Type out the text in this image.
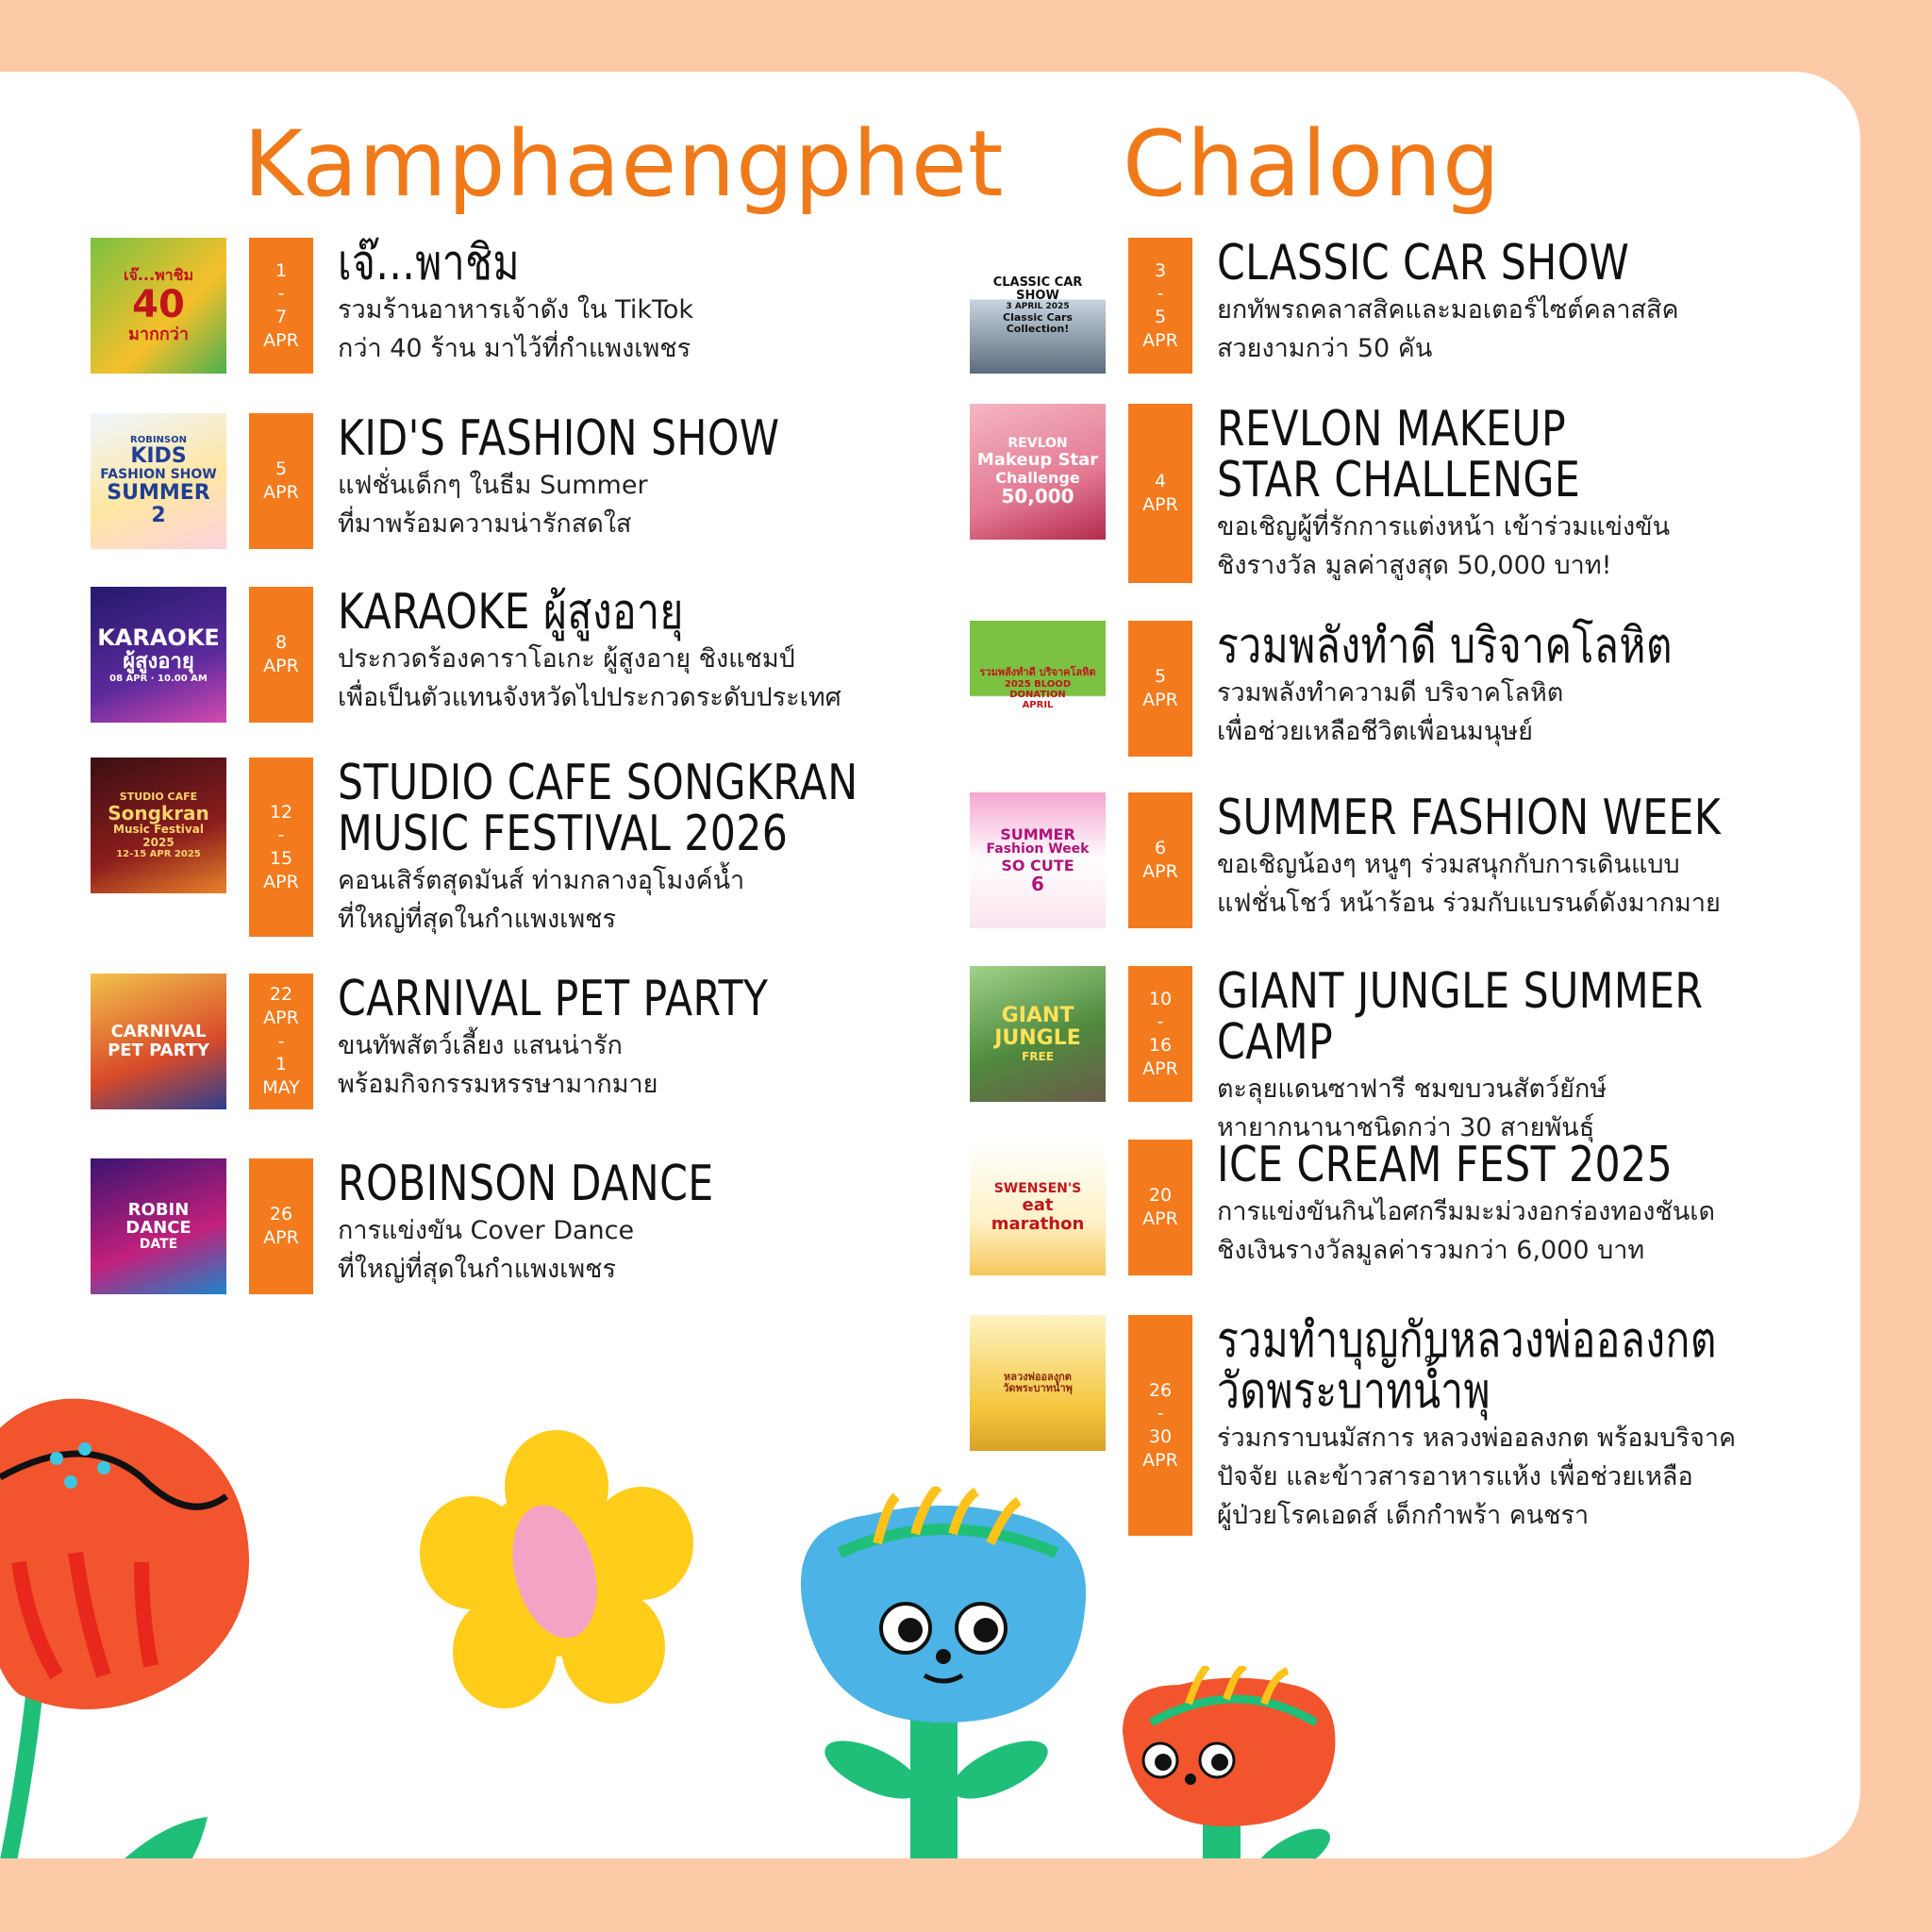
Kamphaengphet
เจ๊...พาชิม
40
มากกว่า
1
-
7
APR
เจ๊...พาชิม
รวมร้านอาหารเจ้าดัง ใน TikTok
กว่า 40 ร้าน มาไว้ที่กำแพงเพชร
ROBINSON
KIDS
FASHION SHOW
SUMMER 2
5
APR
KID'S FASHION SHOW
แฟชั่นเด็กๆ ในธีม Summer
ที่มาพร้อมความน่ารักสดใส
KARAOKE
ผู้สูงอายุ
08 APR · 10.00 AM
8
APR
KARAOKE ผู้สูงอายุ
ประกวดร้องคาราโอเกะ ผู้สูงอายุ ชิงแชมป์
เพื่อเป็นตัวแทนจังหวัดไปประกวดระดับประเทศ
STUDIO CAFE
Songkran
Music Festival 2025
12-15 APR 2025
12
-
15
APR
STUDIO CAFE SONGKRAN
MUSIC FESTIVAL 2026
คอนเสิร์ตสุดมันส์ ท่ามกลางอุโมงค์น้ำ
ที่ใหญ่ที่สุดในกำแพงเพชร
CARNIVAL
PET PARTY
22
APR
-
1
MAY
CARNIVAL PET PARTY
ขนทัพสัตว์เลี้ยง แสนน่ารัก
พร้อมกิจกรรมหรรษามากมาย
ROBIN DANCE
DATE
26
APR
ROBINSON DANCE
การแข่งขัน Cover Dance
ที่ใหญ่ที่สุดในกำแพงเพชร
Chalong
CLASSIC CAR SHOW
3 APRIL 2025
Classic Cars Collection!
3
-
5
APR
CLASSIC CAR SHOW
ยกทัพรถคลาสสิคและมอเตอร์ไซต์คลาสสิค
สวยงามกว่า 50 คัน
REVLON
Makeup Star
Challenge
50,000
4
APR
REVLON MAKEUP
STAR CHALLENGE
ขอเชิญผู้ที่รักการแต่งหน้า เข้าร่วมแข่งขัน
ชิงรางวัล มูลค่าสูงสุด 50,000 บาท!
รวมพลังทำดี บริจาคโลหิต
2025 BLOOD DONATION
APRIL
5
APR
รวมพลังทำดี บริจาคโลหิต
รวมพลังทำความดี บริจาคโลหิต
เพื่อช่วยเหลือชีวิตเพื่อนมนุษย์
SUMMER
Fashion Week
SO CUTE
6
6
APR
SUMMER FASHION WEEK
ขอเชิญน้องๆ หนูๆ ร่วมสนุกกับการเดินแบบ
แฟชั่นโชว์ หน้าร้อน ร่วมกับแบรนด์ดังมากมาย
GIANT
JUNGLE
FREE
10
-
16
APR
GIANT JUNGLE SUMMER CAMP
ตะลุยแดนซาฟารี ชมขบวนสัตว์ยักษ์
หายากนานาชนิดกว่า 30 สายพันธุ์
SWENSEN'S
eat marathon
20
APR
ICE CREAM FEST 2025
การแข่งขันกินไอศกรีมมะม่วงอกร่องทองชันเด
ชิงเงินรางวัลมูลค่ารวมกว่า 6,000 บาท
หลวงพ่ออลงกต
วัดพระบาทน้ำพุ	26
-
30
APR
รวมทำบุญกับหลวงพ่ออลงกต
วัดพระบาทน้ำพุ
ร่วมกราบนมัสการ หลวงพ่ออลงกต พร้อมบริจาค
ปัจจัย และข้าวสารอาหารแห้ง เพื่อช่วยเหลือ
ผู้ป่วยโรคเอดส์ เด็กกำพร้า คนชรา
